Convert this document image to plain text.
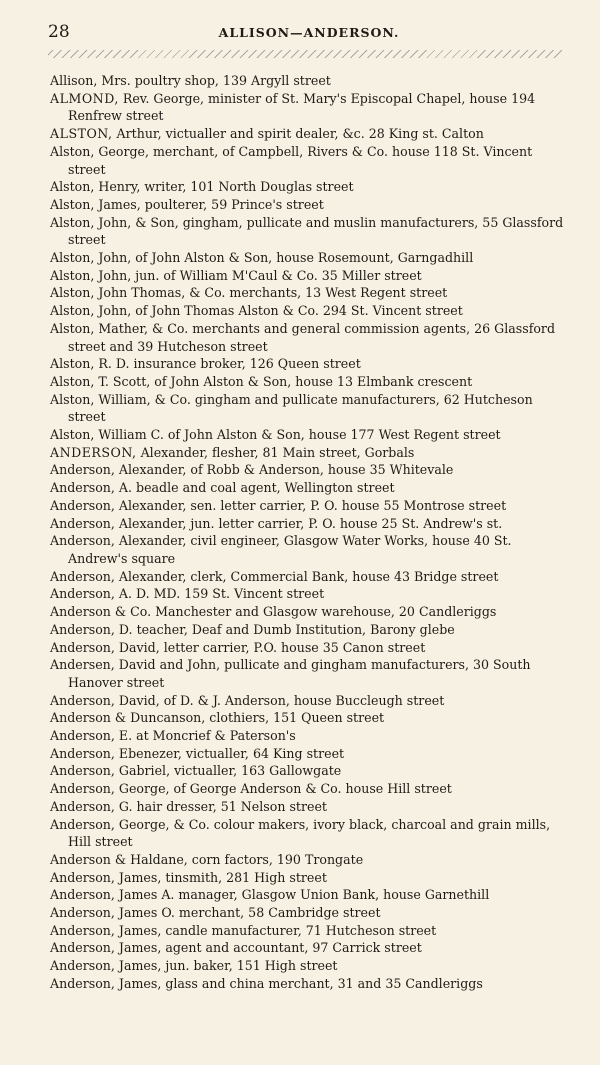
28	ALLISON—ANDERSON.

Allison, Mrs. poultry shop, 139 Argyll street

ALMOND, Rev. George, minister of St. Mary's Episcopal Chapel, house 194 Renfrew street

ALSTON, Arthur, victualler and spirit dealer, &c. 28 King st. Calton

Alston, George, merchant, of Campbell, Rivers & Co. house 118 St. Vincent street

Alston, Henry, writer, 101 North Douglas street

Alston, James, poulterer, 59 Prince's street

Alston, John, & Son, gingham, pullicate and muslin manufacturers, 55 Glassford street

Alston, John, of John Alston & Son, house Rosemount, Garngadhill

Alston, John, jun. of William M'Caul & Co. 35 Miller street

Alston, John Thomas, & Co. merchants, 13 West Regent street

Alston, John, of John Thomas Alston & Co. 294 St. Vincent street

Alston, Mather, & Co. merchants and general commission agents, 26 Glassford street and 39 Hutcheson street

Alston, R. D. insurance broker, 126 Queen street

Alston, T. Scott, of John Alston & Son, house 13 Elmbank crescent

Alston, William, & Co. gingham and pullicate manufacturers, 62 Hutcheson street

Alston, William C. of John Alston & Son, house 177 West Regent street

ANDERSON, Alexander, flesher, 81 Main street, Gorbals

Anderson, Alexander, of Robb & Anderson, house 35 Whitevale

Anderson, A. beadle and coal agent, Wellington street

Anderson, Alexander, sen. letter carrier, P. O. house 55 Montrose street

Anderson, Alexander, jun. letter carrier, P. O. house 25 St. Andrew's st.

Anderson, Alexander, civil engineer, Glasgow Water Works, house 40 St. Andrew's square

Anderson, Alexander, clerk, Commercial Bank, house 43 Bridge street

Anderson, A. D. MD. 159 St. Vincent street

Anderson & Co. Manchester and Glasgow warehouse, 20 Candleriggs

Anderson, D. teacher, Deaf and Dumb Institution, Barony glebe

Anderson, David, letter carrier, P.O. house 35 Canon street

Andersen, David and John, pullicate and gingham manufacturers, 30 South Hanover street

Anderson, David, of D. & J. Anderson, house Buccleugh street

Anderson & Duncanson, clothiers, 151 Queen street

Anderson, E. at Moncrief & Paterson's

Anderson, Ebenezer, victualler, 64 King street

Anderson, Gabriel, victualler, 163 Gallowgate

Anderson, George, of George Anderson & Co. house Hill street

Anderson, G. hair dresser, 51 Nelson street

Anderson, George, & Co. colour makers, ivory black, charcoal and grain mills, Hill street

Anderson & Haldane, corn factors, 190 Trongate

Anderson, James, tinsmith, 281 High street

Anderson, James A. manager, Glasgow Union Bank, house Garnethill

Anderson, James O. merchant, 58 Cambridge street

Anderson, James, candle manufacturer, 71 Hutcheson street

Anderson, James, agent and accountant, 97 Carrick street

Anderson, James, jun. baker, 151 High street

Anderson, James, glass and china merchant, 31 and 35 Candleriggs
